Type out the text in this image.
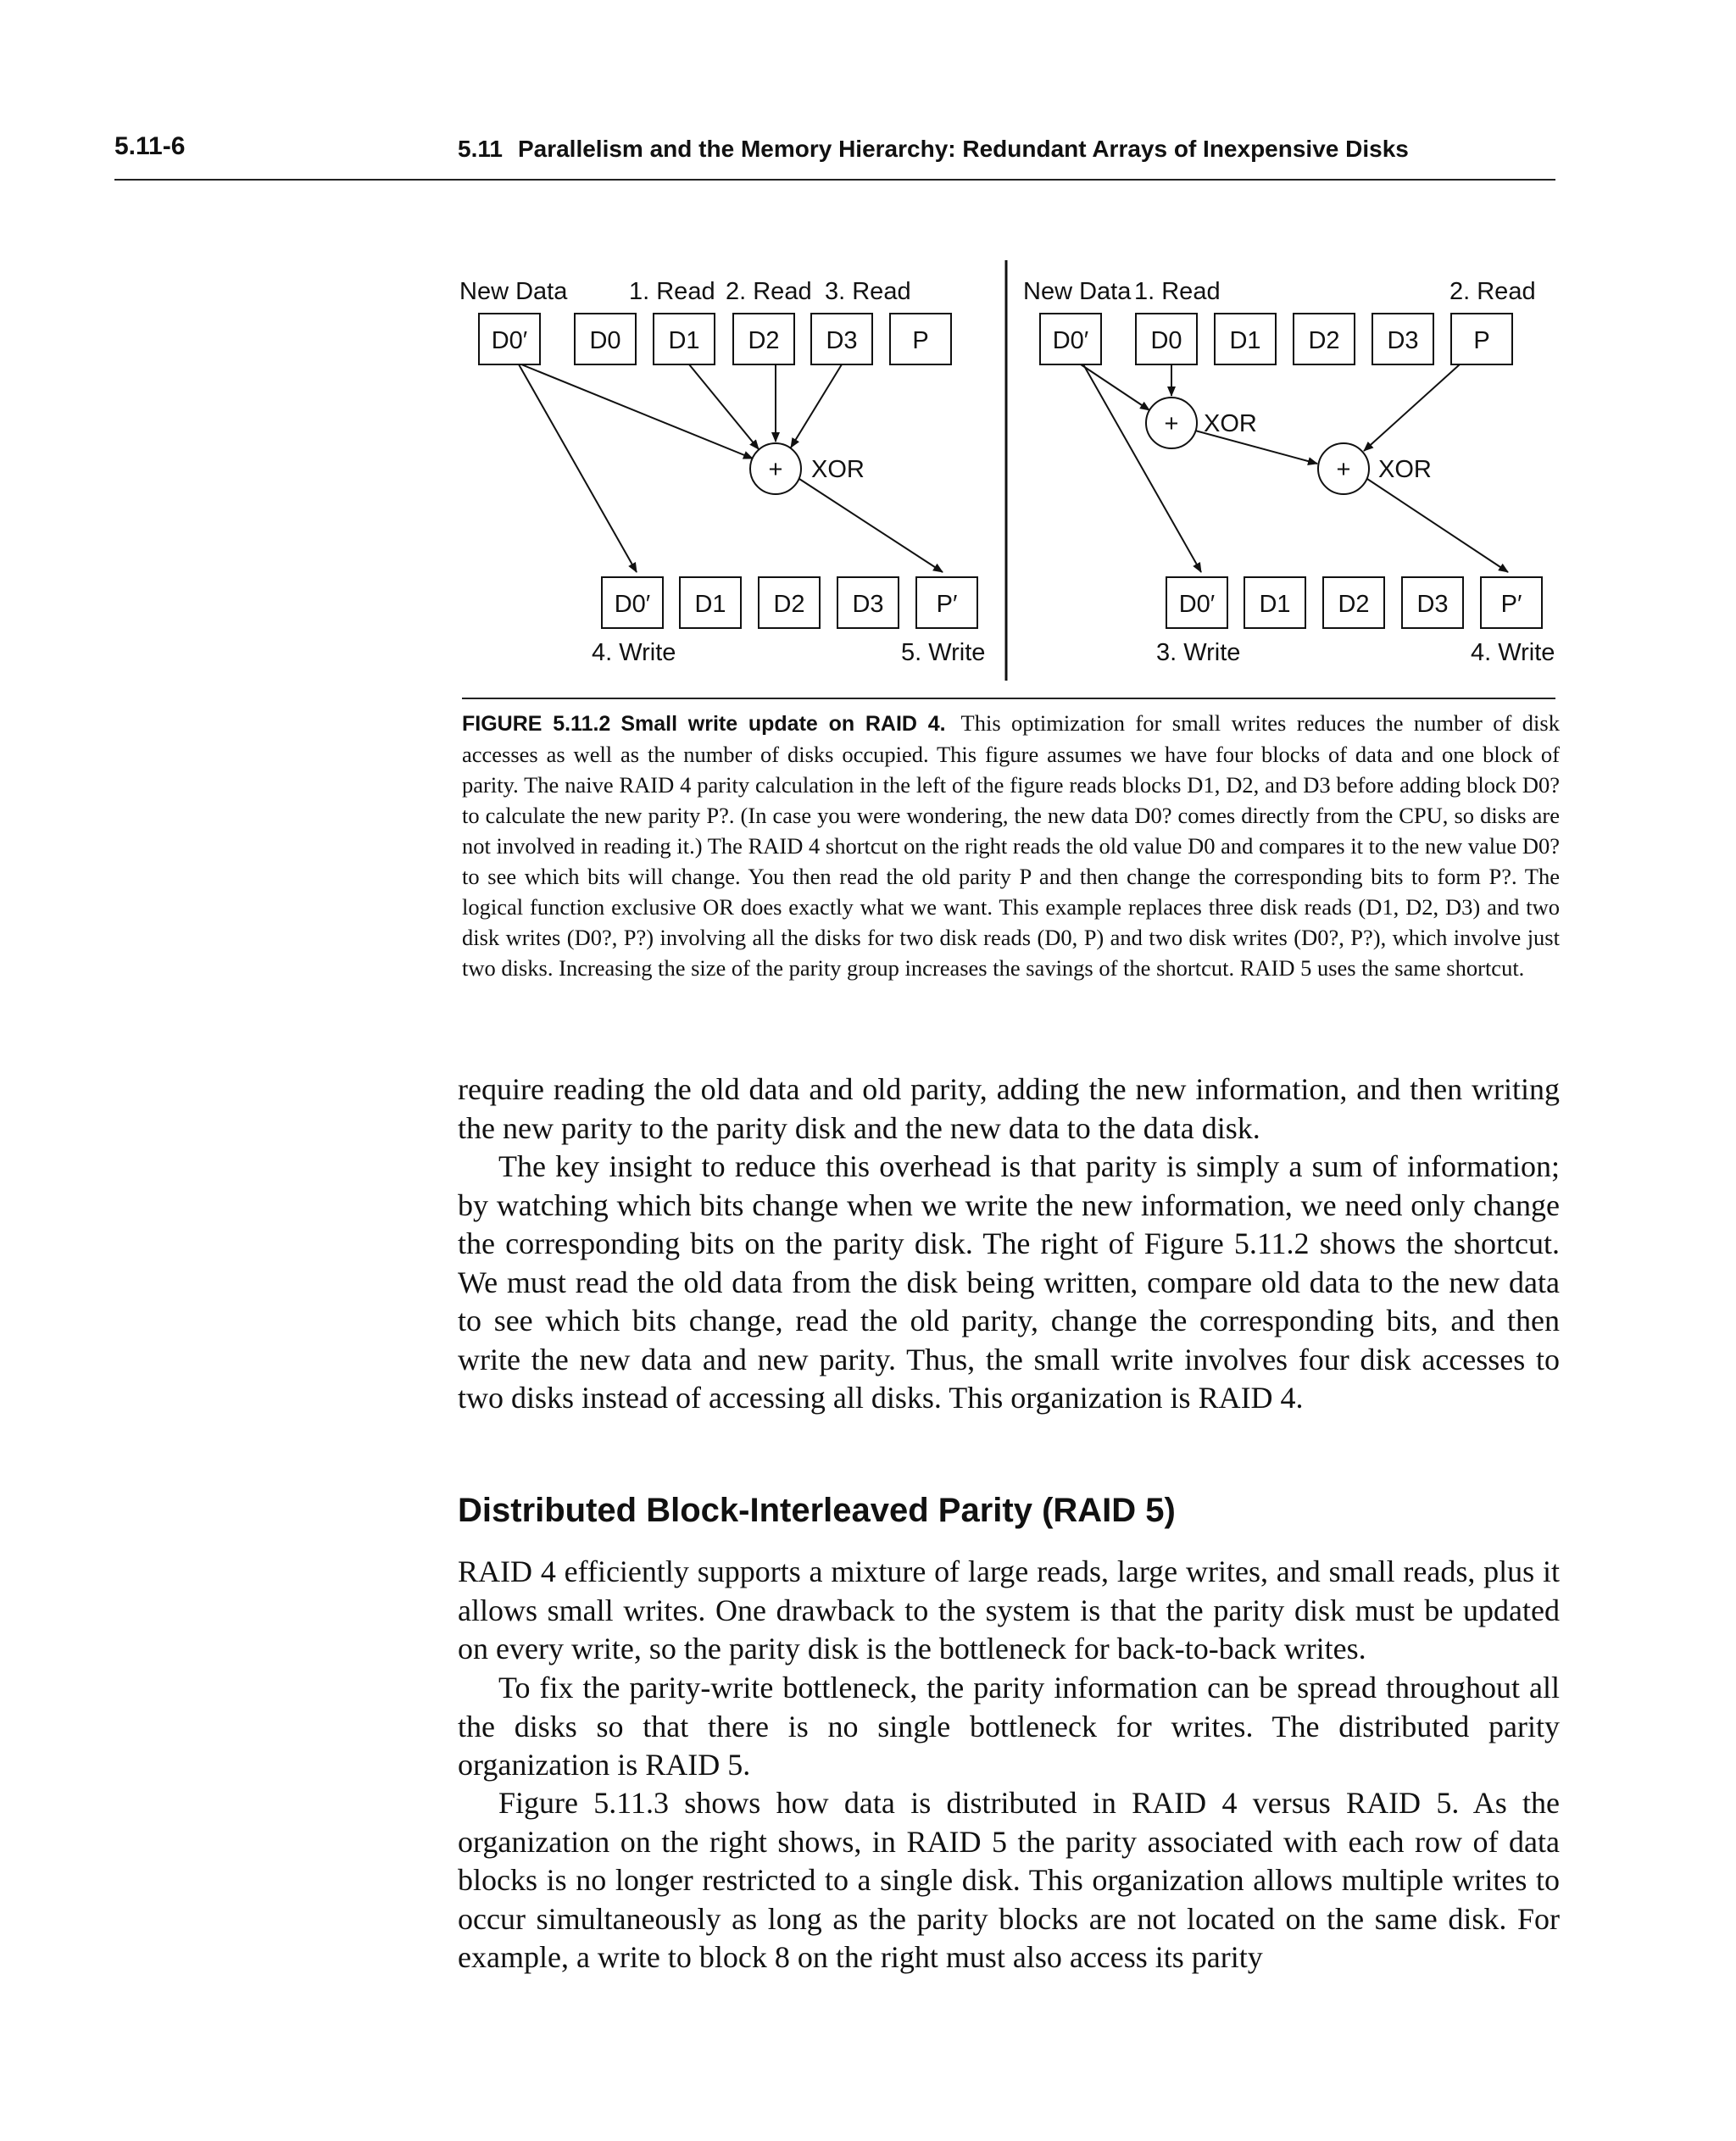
5.11-6	5.11 Parallelism and the Memory Hierarchy: Redundant Arrays of Inexpensive Disks
New Data	1. Read 2. Read 3. Read
D0′	D0 D1 D2 D3 P
+ XOR
D0′ D1 D2 D3 P′
4. Write	5. Write
New Data 1. Read	2. Read
D0′	D0 D1 D2 D3 P
+ XOR
+ XOR
D0′ D1 D2 D3 P′
3. Write	4. Write

FIGURE 5.11.2 Small write update on RAID 4. This optimization for small writes reduces the number of disk accesses as well as the number of disks occupied. This figure assumes we have four blocks of data and one block of parity. The naive RAID 4 parity calculation in the left of the figure reads blocks D1, D2, and D3 before adding block D0? to calculate the new parity P?. (In case you were wondering, the new data D0? comes directly from the CPU, so disks are not involved in reading it.) The RAID 4 shortcut on the right reads the old value D0 and compares it to the new value D0? to see which bits will change. You then read the old parity P and then change the corresponding bits to form P?. The logical function exclusive OR does exactly what we want. This example replaces three disk reads (D1, D2, D3) and two disk writes (D0?, P?) involving all the disks for two disk reads (D0, P) and two disk writes (D0?, P?), which involve just two disks. Increasing the size of the parity group increases the savings of the shortcut. RAID 5 uses the same shortcut.

require reading the old data and old parity, adding the new information, and then writing the new parity to the parity disk and the new data to the data disk.

The key insight to reduce this overhead is that parity is simply a sum of information; by watching which bits change when we write the new information, we need only change the corresponding bits on the parity disk. The right of Figure 5.11.2 shows the shortcut. We must read the old data from the disk being written, compare old data to the new data to see which bits change, read the old parity, change the corresponding bits, and then write the new data and new parity. Thus, the small write involves four disk accesses to two disks instead of accessing all disks. This organization is RAID 4.

Distributed Block-Interleaved Parity (RAID 5)

RAID 4 efficiently supports a mixture of large reads, large writes, and small reads, plus it allows small writes. One drawback to the system is that the parity disk must be updated on every write, so the parity disk is the bottleneck for back-to-back writes.

To fix the parity-write bottleneck, the parity information can be spread throughout all the disks so that there is no single bottleneck for writes. The distributed parity organization is RAID 5.

Figure 5.11.3 shows how data is distributed in RAID 4 versus RAID 5. As the organization on the right shows, in RAID 5 the parity associated with each row of data blocks is no longer restricted to a single disk. This organization allows multiple writes to occur simultaneously as long as the parity blocks are not located on the same disk. For example, a write to block 8 on the right must also access its parity
